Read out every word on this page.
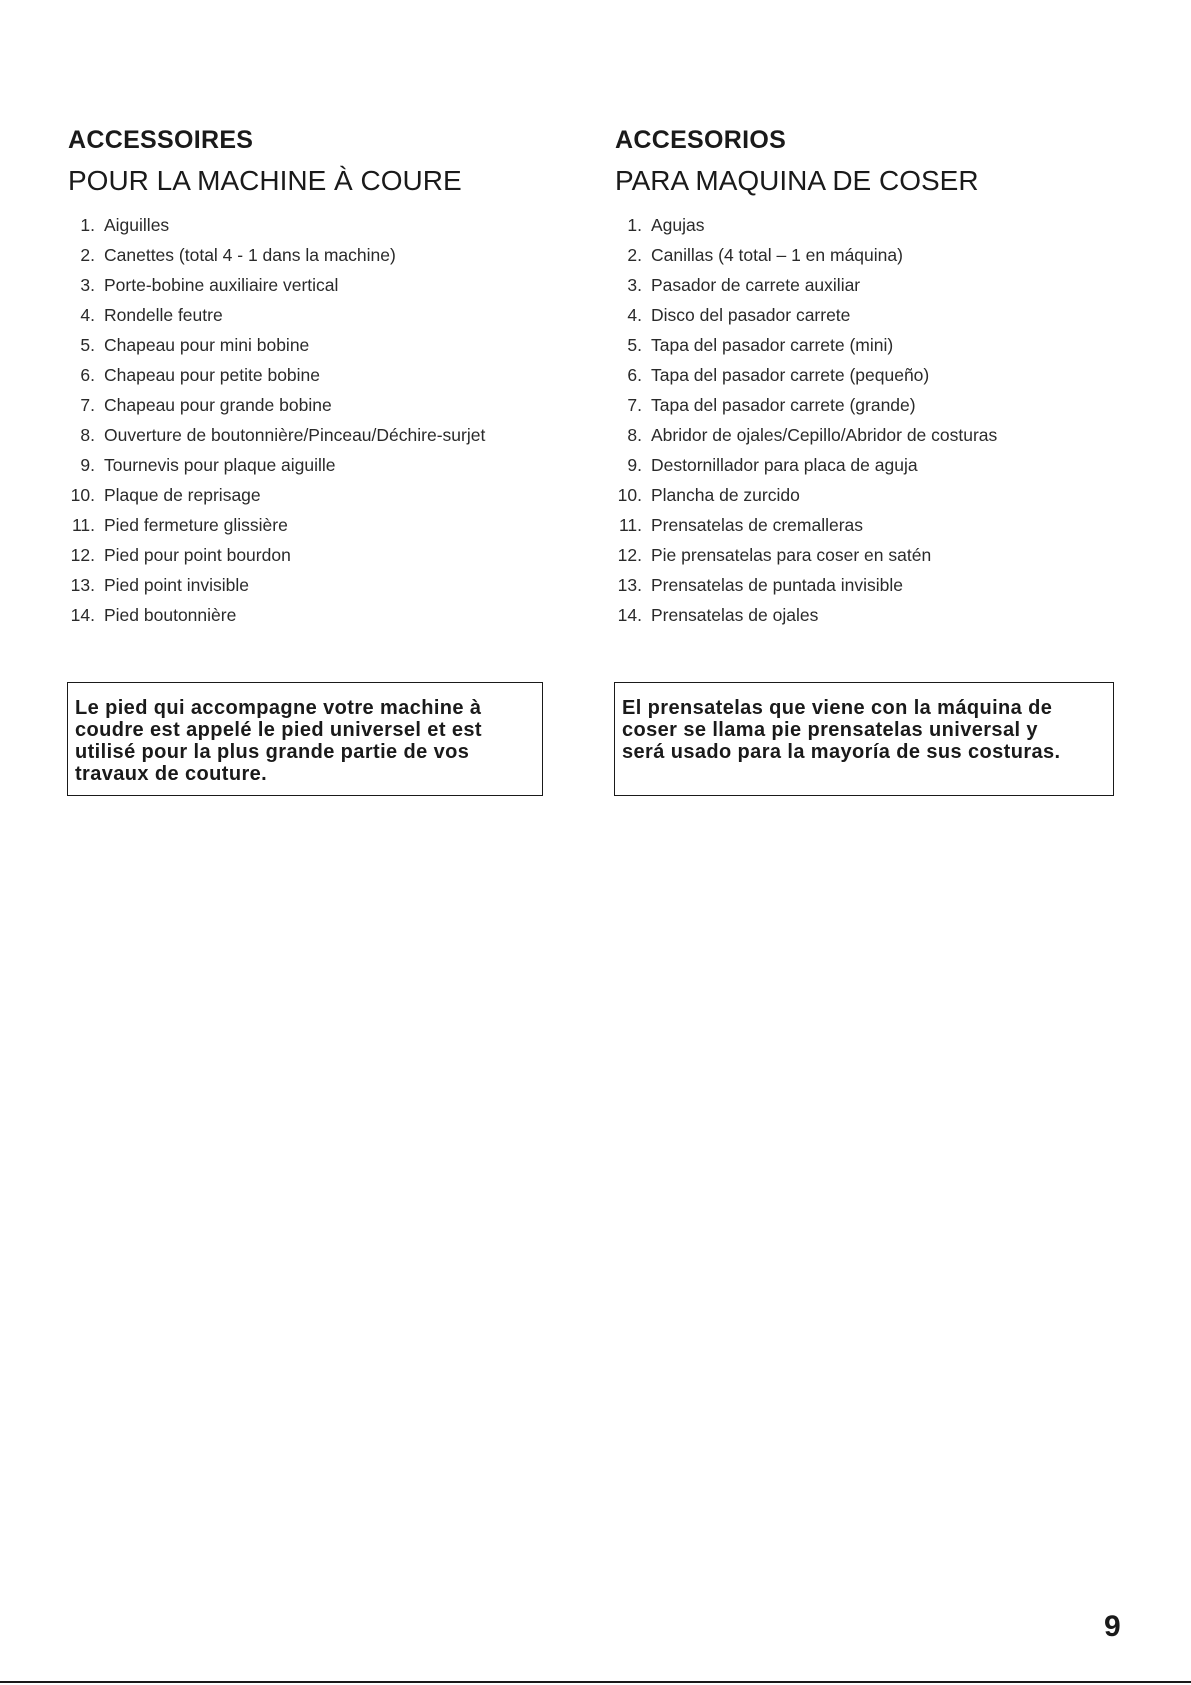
ACCESSOIRES
POUR LA MACHINE À COURE
1. Aiguilles
2. Canettes (total 4 - 1 dans la machine)
3. Porte-bobine auxiliaire vertical
4. Rondelle feutre
5. Chapeau pour mini bobine
6. Chapeau pour petite bobine
7. Chapeau pour grande bobine
8. Ouverture de boutonnière/Pinceau/Déchire-surjet
9. Tournevis pour plaque aiguille
10. Plaque de reprisage
11. Pied fermeture glissière
12. Pied pour point bourdon
13. Pied point invisible
14. Pied boutonnière
ACCESORIOS
PARA MAQUINA DE COSER
1. Agujas
2. Canillas (4 total – 1 en máquina)
3. Pasador de carrete auxiliar
4. Disco del pasador carrete
5. Tapa del pasador carrete (mini)
6. Tapa del pasador carrete (pequeño)
7. Tapa del pasador carrete (grande)
8. Abridor de ojales/Cepillo/Abridor de costuras
9. Destornillador para placa de aguja
10. Plancha de zurcido
11. Prensatelas de cremalleras
12. Pie prensatelas para coser en satén
13. Prensatelas de puntada invisible
14. Prensatelas de ojales
Le pied qui accompagne votre machine à
coudre est appelé le pied universel et est
utilisé pour la plus grande partie de vos
travaux de couture.
El prensatelas que viene con la máquina de
coser se llama pie prensatelas universal y
será usado para la mayoría de sus costuras.
9
